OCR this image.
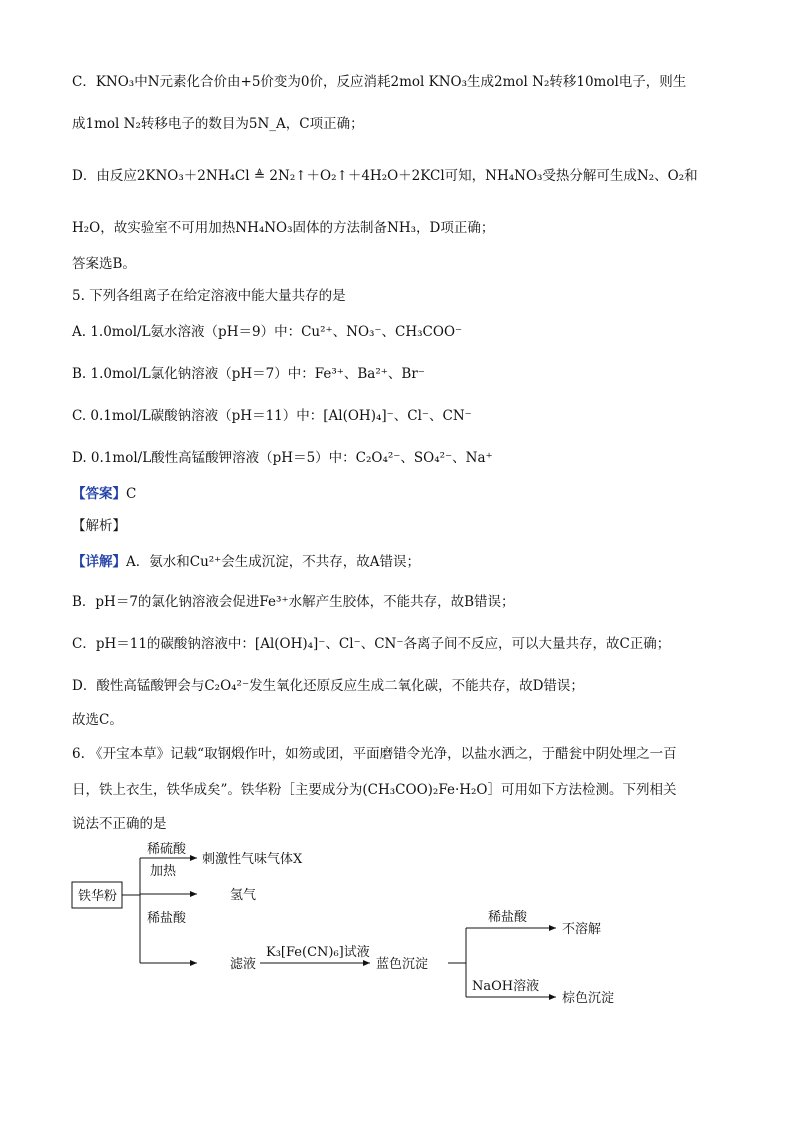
C．KNO₃中N元素化合价由+5价变为0价，反应消耗2mol KNO₃生成2mol N₂转移10mol电子，则生
成1mol N₂转移电子的数目为5N_A，C项正确；
D．由反应2KNO₃＋2NH₄Cl ≜ 2N₂↑＋O₂↑＋4H₂O＋2KCl可知，NH₄NO₃受热分解可生成N₂、O₂和
H₂O，故实验室不可用加热NH₄NO₃固体的方法制备NH₃，D项正确；
答案选B。
5. 下列各组离子在给定溶液中能大量共存的是
A. 1.0mol/L氨水溶液（pH＝9）中：Cu²⁺、NO₃⁻、CH₃COO⁻
B. 1.0mol/L氯化钠溶液（pH＝7）中：Fe³⁺、Ba²⁺、Br⁻
C. 0.1mol/L碳酸钠溶液（pH＝11）中：[Al(OH)₄]⁻、Cl⁻、CN⁻
D. 0.1mol/L酸性高锰酸钾溶液（pH＝5）中：C₂O₄²⁻、SO₄²⁻、Na⁺
【答案】C
【解析】
【详解】A．氨水和Cu²⁺会生成沉淀，不共存，故A错误；
B．pH＝7的氯化钠溶液会促进Fe³⁺水解产生胶体，不能共存，故B错误；
C．pH＝11的碳酸钠溶液中：[Al(OH)₄]⁻、Cl⁻、CN⁻各离子间不反应，可以大量共存，故C正确；
D．酸性高锰酸钾会与C₂O₄²⁻发生氧化还原反应生成二氧化碳，不能共存，故D错误；
故选C。
6. 《开宝本草》记载“取钢煅作叶，如笏或团，平面磨错令光净，以盐水洒之，于醋瓮中阴处埋之一百
日，铁上衣生，铁华成矣”。铁华粉［主要成分为(CH₃COO)₂Fe·H₂O］可用如下方法检测。下列相关
说法不正确的是
铁华粉
稀硫酸
加热
刺激性气味气体X
稀盐酸
氢气
滤液
K₃[Fe(CN)₆]试液
蓝色沉淀
稀盐酸
不溶解
NaOH溶液
棕色沉淀
